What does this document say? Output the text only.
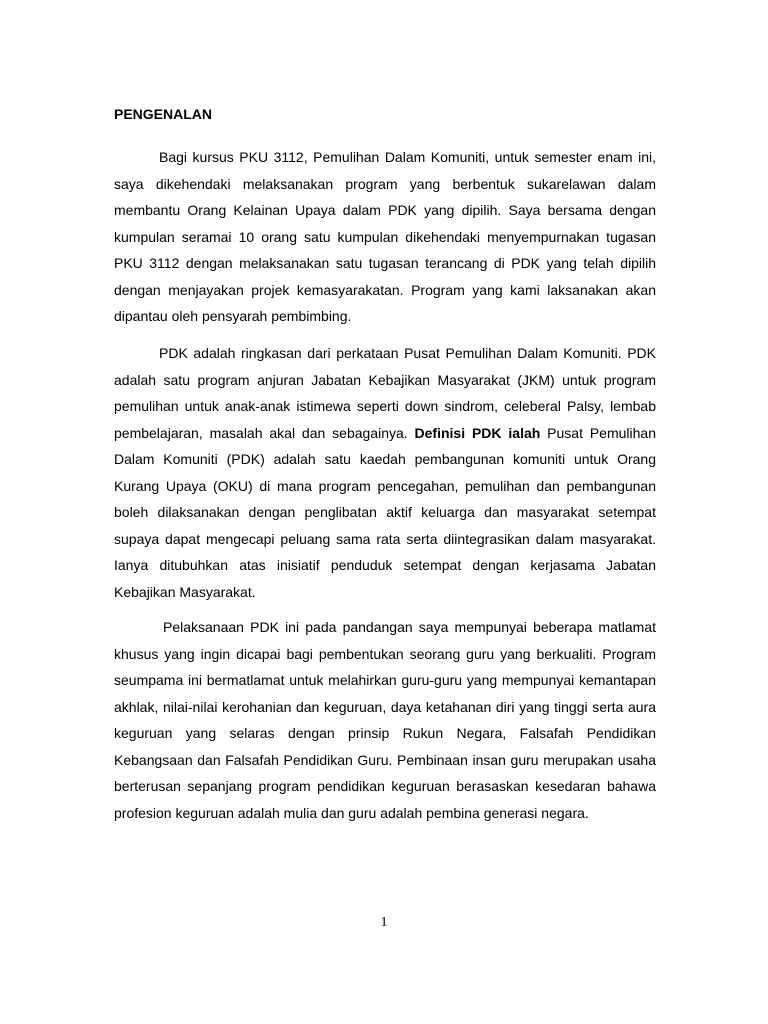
PENGENALAN

Bagi kursus PKU 3112, Pemulihan Dalam Komuniti, untuk semester enam ini, saya dikehendaki melaksanakan program yang berbentuk sukarelawan dalam membantu Orang Kelainan Upaya dalam PDK yang dipilih. Saya bersama dengan kumpulan seramai 10 orang satu kumpulan dikehendaki menyempurnakan tugasan PKU 3112 dengan melaksanakan satu tugasan terancang di PDK yang telah dipilih dengan menjayakan projek kemasyarakatan. Program yang kami laksanakan akan dipantau oleh pensyarah pembimbing.

PDK adalah ringkasan dari perkataan Pusat Pemulihan Dalam Komuniti. PDK adalah satu program anjuran Jabatan Kebajikan Masyarakat (JKM) untuk program pemulihan untuk anak-anak istimewa seperti down sindrom, celeberal Palsy, lembab pembelajaran, masalah akal dan sebagainya. Definisi PDK ialah Pusat Pemulihan Dalam Komuniti (PDK) adalah satu kaedah pembangunan komuniti untuk Orang Kurang Upaya (OKU) di mana program pencegahan, pemulihan dan pembangunan boleh dilaksanakan dengan penglibatan aktif keluarga dan masyarakat setempat supaya dapat mengecapi peluang sama rata serta diintegrasikan dalam masyarakat. Ianya ditubuhkan atas inisiatif penduduk setempat dengan kerjasama Jabatan Kebajikan Masyarakat.

Pelaksanaan PDK ini pada pandangan saya mempunyai beberapa matlamat khusus yang ingin dicapai bagi pembentukan seorang guru yang berkualiti. Program seumpama ini bermatlamat untuk melahirkan guru-guru yang mempunyai kemantapan akhlak, nilai-nilai kerohanian dan keguruan, daya ketahanan diri yang tinggi serta aura keguruan yang selaras dengan prinsip Rukun Negara, Falsafah Pendidikan Kebangsaan dan Falsafah Pendidikan Guru. Pembinaan insan guru merupakan usaha berterusan sepanjang program pendidikan keguruan berasaskan kesedaran bahawa profesion keguruan adalah mulia dan guru adalah pembina generasi negara.

1
